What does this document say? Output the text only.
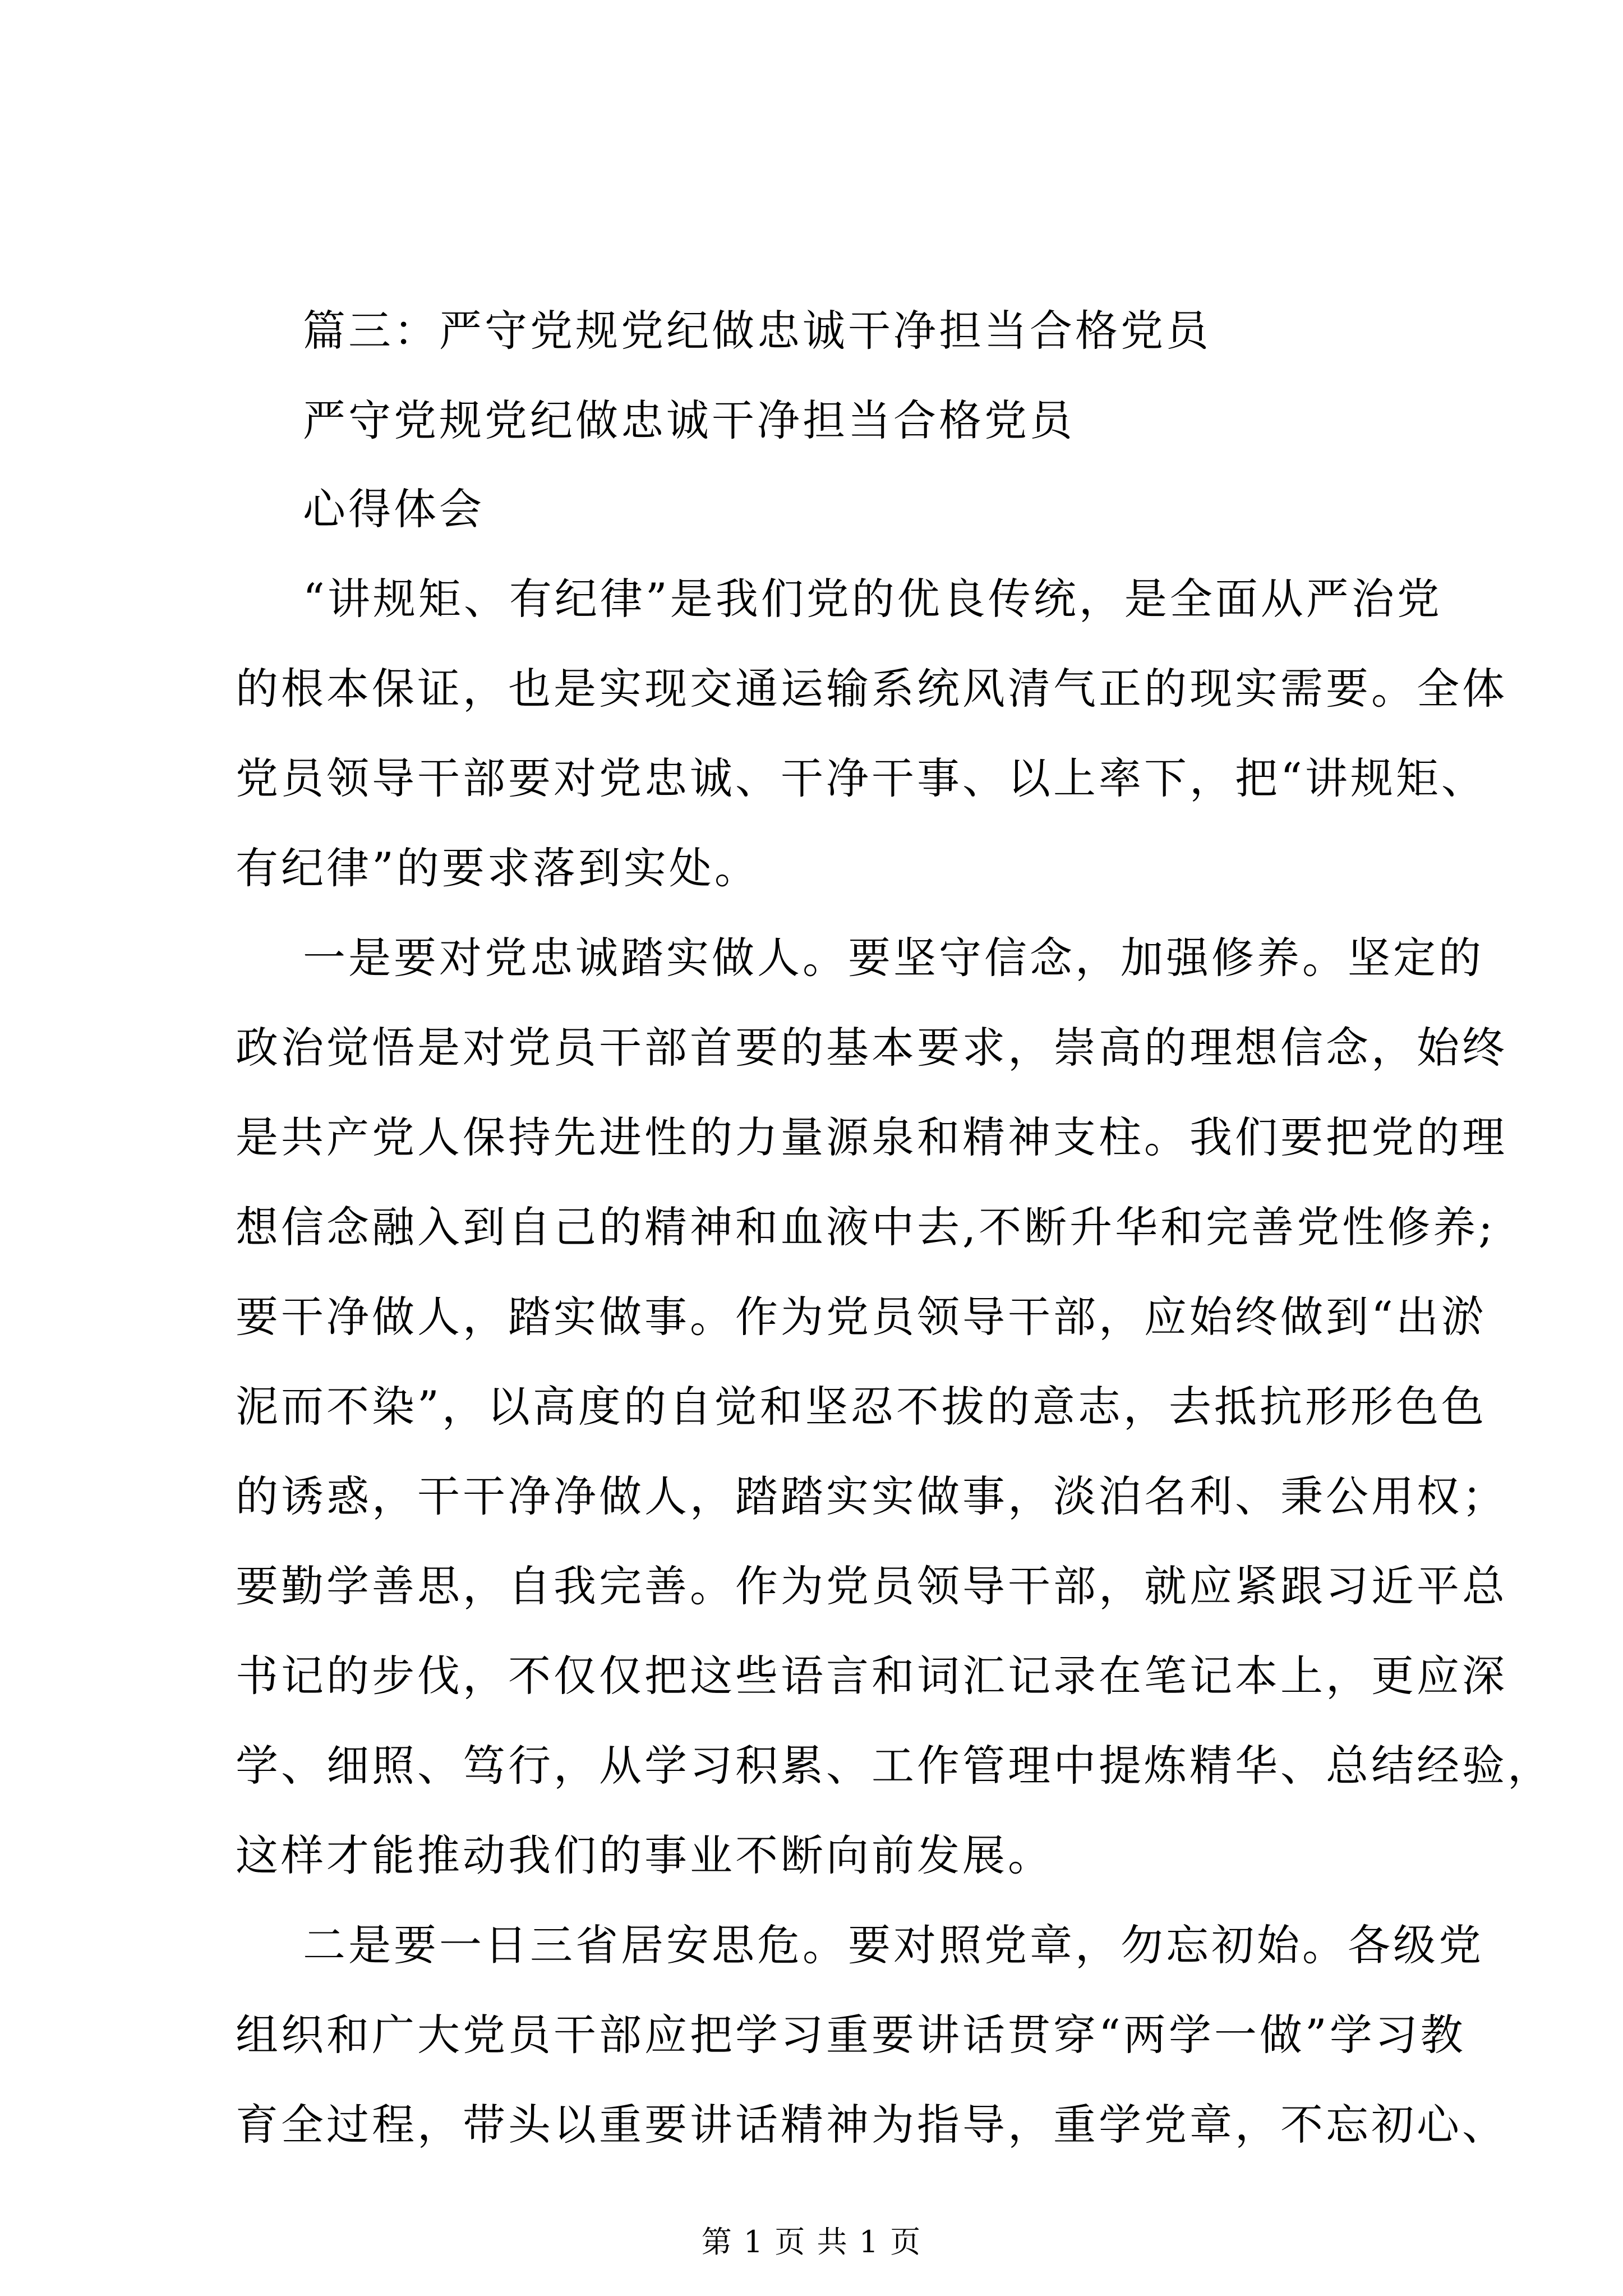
篇三：严守党规党纪做忠诚干净担当合格党员
严守党规党纪做忠诚干净担当合格党员
心得体会
“讲规矩、有纪律”是我们党的优良传统，是全面从严治党
的根本保证，也是实现交通运输系统风清气正的现实需要。全体
党员领导干部要对党忠诚、干净干事、以上率下，把“讲规矩、
有纪律”的要求落到实处。
一是要对党忠诚踏实做人。要坚守信念，加强修养。坚定的
政治觉悟是对党员干部首要的基本要求，崇高的理想信念，始终
是共产党人保持先进性的力量源泉和精神支柱。我们要把党的理
想信念融入到自己的精神和血液中去,不断升华和完善党性修养;
要干净做人，踏实做事。作为党员领导干部，应始终做到“出淤
泥而不染”，以高度的自觉和坚忍不拔的意志，去抵抗形形色色
的诱惑，干干净净做人，踏踏实实做事，淡泊名利、秉公用权；
要勤学善思，自我完善。作为党员领导干部，就应紧跟习近平总
书记的步伐，不仅仅把这些语言和词汇记录在笔记本上，更应深
学、细照、笃行，从学习积累、工作管理中提炼精华、总结经验，
这样才能推动我们的事业不断向前发展。
二是要一日三省居安思危。要对照党章，勿忘初始。各级党
组织和广大党员干部应把学习重要讲话贯穿“两学一做”学习教
育全过程，带头以重要讲话精神为指导，重学党章，不忘初心、
第 1 页 共 1 页
